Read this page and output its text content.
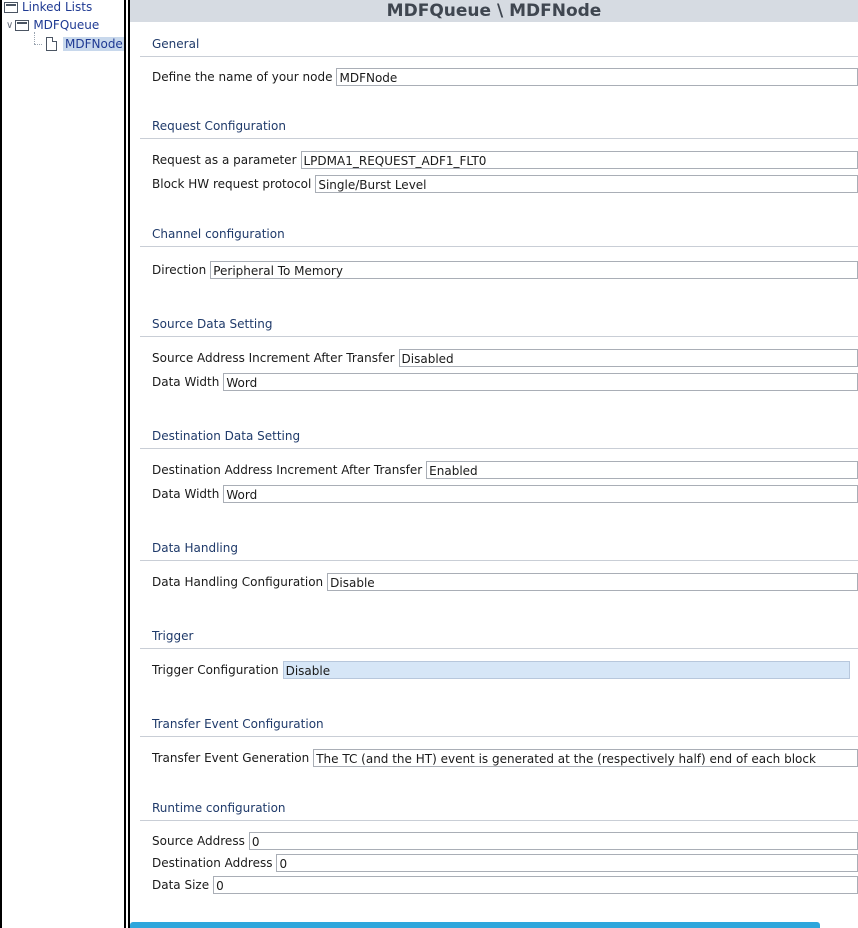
Linked Lists
∨ MDFQueue
MDFNode
MDFQueue \ MDFNode
General
Define the name of your node MDFNode
Request Configuration
Request as a parameter LPDMA1_REQUEST_ADF1_FLT0
Block HW request protocol Single/Burst Level
Channel configuration
Direction Peripheral To Memory
Source Data Setting
Source Address Increment After Transfer Disabled
Data Width Word
Destination Data Setting
Destination Address Increment After Transfer Enabled
Data Width Word
Data Handling
Data Handling Configuration Disable
Trigger
Trigger Configuration Disable
Transfer Event Configuration
Transfer Event Generation The TC (and the HT) event is generated at the (respectively half) end of each block
Runtime configuration
Source Address 0
Destination Address 0
Data Size 0
